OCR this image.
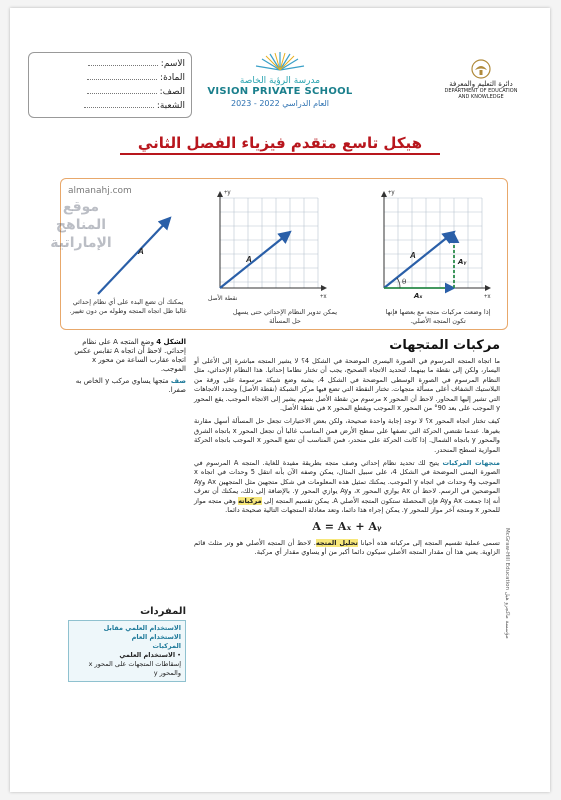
الاسم:
المادة:
الصف:
الشعبة:
مدرسة الرؤية الخاصة
VISION PRIVATE SCHOOL
العام الدراسي 2022 - 2023
دائرة التعليم والمعرفة
DEPARTMENT OF EDUCATION
AND KNOWLEDGE
هيكل تاسع متقدم فيزياء الفصل الثاني
almanahj.com
موقع المناهج الإماراتية
A
+y
+x
A
نقطة الأصل
+y
+x
θ
A
Aₓ
Aᵧ
يمكنك أن تضع البدء على أي نظام إحداثي غالبا ظل اتجاه المتجه وطوله من دون تغيير.	يمكن تدوير النظام الإحداثي حتى يسهل حل المسألة
إذا وضعت مركبات متجه مع بعضها فإنها تكون المتجه الأصلي.
الشكل 4 وضع المتجه A على نظام إحداثي. لاحظ أن اتجاه A تقابس عكس اتجاه عقارب الساعة من محور x الموجب.
صف متجها يساوي مركب y الخاص به صفرا.
مركبات المتجهات

ما اتجاه المتجه المرسوم في الصورة اليسرى الموضحة في الشكل 4؟ لا يشير المتجه مباشرة إلى الأعلى أو اليسار، ولكن إلى نقطة ما بينهما. لتحديد الاتجاه الصحيح، يجب أن تختار نظاما إحداثيا. هذا النظام الإحداثي، مثل النظام المرسوم في الصورة الوسطى الموضحة في الشكل 4، يشبه وضع شبكة مرسومة على ورقة من البلاستيك الشفاف أعلى مسألة متجهات. تختار النقطة التي تضع فيها مركز الشبكة (نقطة الأصل) وتحدد الاتجاهات التي تشير إليها المحاور. لاحظ أن المحور x مرسوم من نقطة الأصل بسهم يشير إلى الاتجاه الموجب. يقع المحور y الموجب على بعد 90° من المحور x الموجب ويقطع المحور x في نقطة الأصل.

كيف تختار اتجاه المحور x؟ لا توجد إجابة واحدة صحيحة، ولكن بعض الاختيارات تجعل حل المسألة أسهل مقارنة بغيرها. عندما تقتضي الحركة التي تصفها على سطح الأرض فمن المناسب غالبا أن تجعل المحور x باتجاه الشرق والمحور y باتجاه الشمال. إذا كانت الحركة على منحدر، فمن المناسب أن تضع المحور x الموجب باتجاه الحركة الموازية لسطح المنحدر.

متجهات المركبات يتيح لك تحديد نظام إحداثي وصف متجه بطريقة مفيدة للغاية. المتجه A المرسوم في الصورة اليمنى الموضحة في الشكل 4، على سبيل المثال، يمكن وصفه الآن بأنه انتقل 5 وحدات في اتجاه x الموجب و4 وحدات في اتجاه y الموجب. يمكنك تمثيل هذه المعلومات في شكل متجهين مثل المتجهين Ax وAy الموضحين في الرسم. لاحظ أن Ax يوازي المحور x، وAy يوازي المحور y. بالإضافة إلى ذلك، يمكنك أن تعرف أنه إذا جمعت Ax وAy فإن المحصلة ستكون المتجه الأصلي A. يمكن تقسيم المتجه إلى مركباته وهي متجه مواز للمحور x ومتجه آخر مواز للمحور y. يمكن إجراء هذا دائما، وتعد معادلة المتجهات التالية صحيحة دائما.

A = Aₓ + Aᵧ

تسمى عملية تقسيم المتجه إلى مركباته هذه أحيانا تحليل المتجه. لاحظ أن المتجه الأصلي هو وتر مثلث قائم الزاوية. يعني هذا أن مقدار المتجه الأصلي سيكون دائما أكبر من أو يساوي مقدار أي مركبة.

المفردات
الاستخدام العلمي مقابل الاستخدام العام
المركبات
• الاستخدام العلمي
إسقاطات المتجهات على المحور x والمحور y
McGraw-Hill Education مؤسسة ماكجرو هيل
